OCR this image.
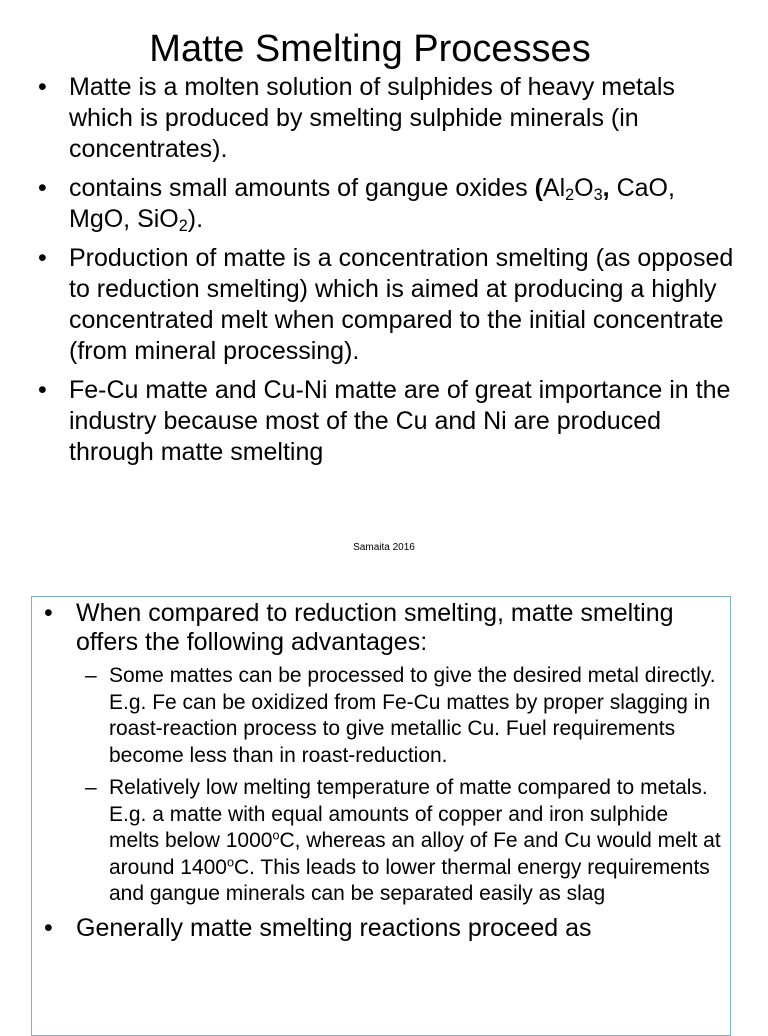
Matte Smelting Processes
• Matte is a molten solution of sulphides of heavy metals which is produced by smelting sulphide minerals (in concentrates).
• contains small amounts of gangue oxides ($Al_2O_3$, CaO, MgO, SiO$_2$).
• Production of matte is a concentration smelting (as opposed to reduction smelting) which is aimed at producing a highly concentrated melt when compared to the initial concentrate (from mineral processing).
• Fe-Cu matte and Cu-Ni matte are of great importance in the industry because most of the Cu and Ni are produced through matte smelting
Samaita 2016
• When compared to reduction smelting, matte smelting offers the following advantages:
– Some mattes can be processed to give the desired metal directly. E.g. Fe can be oxidized from Fe-Cu mattes by proper slagging in roast-reaction process to give metallic Cu. Fuel requirements become less than in roast-reduction.
– Relatively low melting temperature of matte compared to metals. E.g. a matte with equal amounts of copper and iron sulphide melts below 1000$^o$C, whereas an alloy of Fe and Cu would melt at around 1400$^o$C. This leads to lower thermal energy requirements and gangue minerals can be separated easily as slag
• Generally matte smelting reactions proceed as
